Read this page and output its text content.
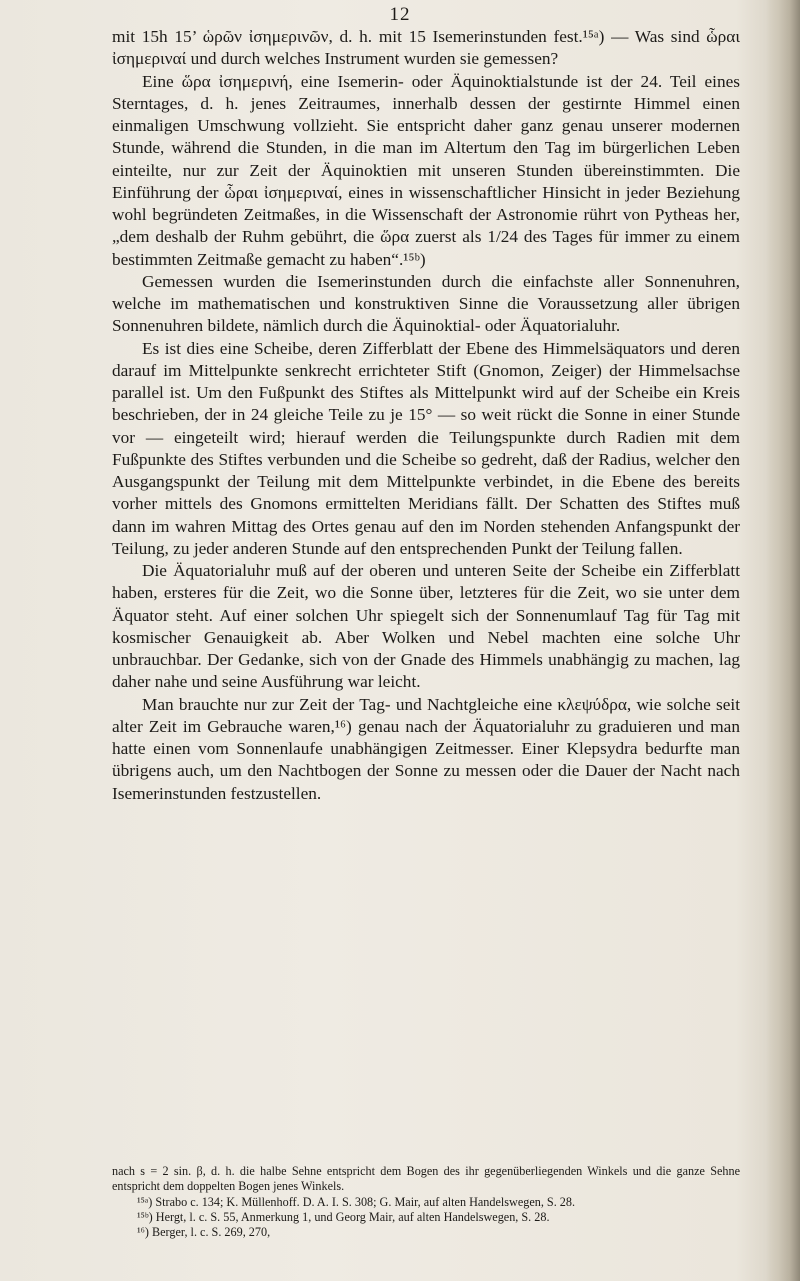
12

mit 15h 15’ ὡρῶν ἰσημερινῶν, d. h. mit 15 Isemerinstunden fest.¹⁵ᵃ) — Was sind ὧραι ἰσημεριναί und durch welches Instrument wurden sie gemessen?

Eine ὥρα ἰσημερινή, eine Isemerin- oder Äquinoktialstunde ist der 24. Teil eines Sterntages, d. h. jenes Zeitraumes, innerhalb dessen der gestirnte Himmel einen einmaligen Umschwung vollzieht. Sie entspricht daher ganz genau unserer modernen Stunde, während die Stunden, in die man im Altertum den Tag im bürgerlichen Leben einteilte, nur zur Zeit der Äquinoktien mit unseren Stunden übereinstimmten. Die Einführung der ὧραι ἰσημεριναί, eines in wissenschaftlicher Hinsicht in jeder Beziehung wohl begründeten Zeitmaßes, in die Wissenschaft der Astronomie rührt von Pytheas her, „dem deshalb der Ruhm gebührt, die ὥρα zuerst als 1/24 des Tages für immer zu einem bestimmten Zeitmaße gemacht zu haben“.¹⁵ᵇ)

Gemessen wurden die Isemerinstunden durch die einfachste aller Sonnenuhren, welche im mathematischen und konstruktiven Sinne die Voraussetzung aller übrigen Sonnenuhren bildete, nämlich durch die Äquinoktial- oder Äquatorialuhr.

Es ist dies eine Scheibe, deren Zifferblatt der Ebene des Himmelsäquators und deren darauf im Mittelpunkte senkrecht errichteter Stift (Gnomon, Zeiger) der Himmelsachse parallel ist. Um den Fußpunkt des Stiftes als Mittelpunkt wird auf der Scheibe ein Kreis beschrieben, der in 24 gleiche Teile zu je 15° — so weit rückt die Sonne in einer Stunde vor — eingeteilt wird; hierauf werden die Teilungspunkte durch Radien mit dem Fußpunkte des Stiftes verbunden und die Scheibe so gedreht, daß der Radius, welcher den Ausgangspunkt der Teilung mit dem Mittelpunkte verbindet, in die Ebene des bereits vorher mittels des Gnomons ermittelten Meridians fällt. Der Schatten des Stiftes muß dann im wahren Mittag des Ortes genau auf den im Norden stehenden Anfangspunkt der Teilung, zu jeder anderen Stunde auf den entsprechenden Punkt der Teilung fallen.

Die Äquatorialuhr muß auf der oberen und unteren Seite der Scheibe ein Zifferblatt haben, ersteres für die Zeit, wo die Sonne über, letzteres für die Zeit, wo sie unter dem Äquator steht. Auf einer solchen Uhr spiegelt sich der Sonnenumlauf Tag für Tag mit kosmischer Genauigkeit ab. Aber Wolken und Nebel machten eine solche Uhr unbrauchbar. Der Gedanke, sich von der Gnade des Himmels unabhängig zu machen, lag daher nahe und seine Ausführung war leicht.

Man brauchte nur zur Zeit der Tag- und Nachtgleiche eine κλεψύδρα, wie solche seit alter Zeit im Gebrauche waren,¹⁶) genau nach der Äquatorialuhr zu graduieren und man hatte einen vom Sonnenlaufe unabhängigen Zeitmesser. Einer Klepsydra bedurfte man übrigens auch, um den Nachtbogen der Sonne zu messen oder die Dauer der Nacht nach Isemerinstunden festzustellen.

nach s = 2 sin. β, d. h. die halbe Sehne entspricht dem Bogen des ihr gegenüberliegenden Winkels und die ganze Sehne entspricht dem doppelten Bogen jenes Winkels.

¹⁵ᵃ) Strabo c. 134; K. Müllenhoff. D. A. I. S. 308; G. Mair, auf alten Handelswegen, S. 28.

¹⁵ᵇ) Hergt, l. c. S. 55, Anmerkung 1, und Georg Mair, auf alten Handelswegen, S. 28.

¹⁶) Berger, l. c. S. 269, 270,
